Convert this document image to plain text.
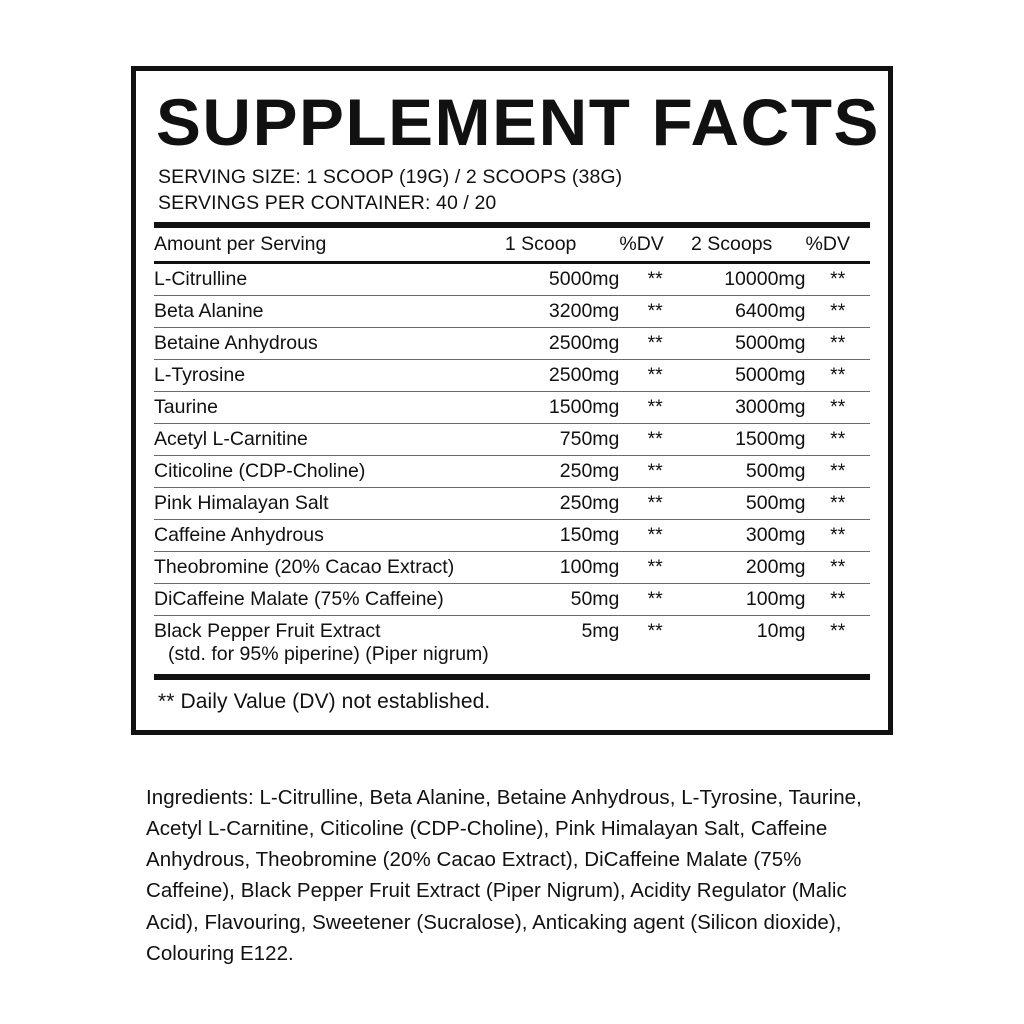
SUPPLEMENT FACTS
SERVING SIZE: 1 SCOOP (19G) / 2 SCOOPS (38G)
SERVINGS PER CONTAINER: 40 / 20
Amount per Serving	1 Scoop	%DV	2 Scoops	%DV
L-Citrulline	5000mg	**	10000mg	**
Beta Alanine	3200mg	**	6400mg	**
Betaine Anhydrous	2500mg	**	5000mg	**
L-Tyrosine	2500mg	**	5000mg	**
Taurine	1500mg	**	3000mg	**
Acetyl L-Carnitine	750mg	**	1500mg	**
Citicoline (CDP-Choline)	250mg	**	500mg	**
Pink Himalayan Salt	250mg	**	500mg	**
Caffeine Anhydrous	150mg	**	300mg	**
Theobromine (20% Cacao Extract)	100mg	**	200mg	**
DiCaffeine Malate (75% Caffeine)	50mg	**	100mg	**
Black Pepper Fruit Extract
(std. for 95% piperine) (Piper nigrum)	5mg	**	10mg	**
** Daily Value (DV) not established.
Ingredients: L-Citrulline, Beta Alanine, Betaine Anhydrous, L-Tyrosine, Taurine, Acetyl L-Carnitine, Citicoline (CDP-Choline), Pink Himalayan Salt, Caffeine Anhydrous, Theobromine (20% Cacao Extract), DiCaffeine Malate (75% Caffeine), Black Pepper Fruit Extract (Piper Nigrum), Acidity Regulator (Malic Acid), Flavouring, Sweetener (Sucralose), Anticaking agent (Silicon dioxide), Colouring E122.
